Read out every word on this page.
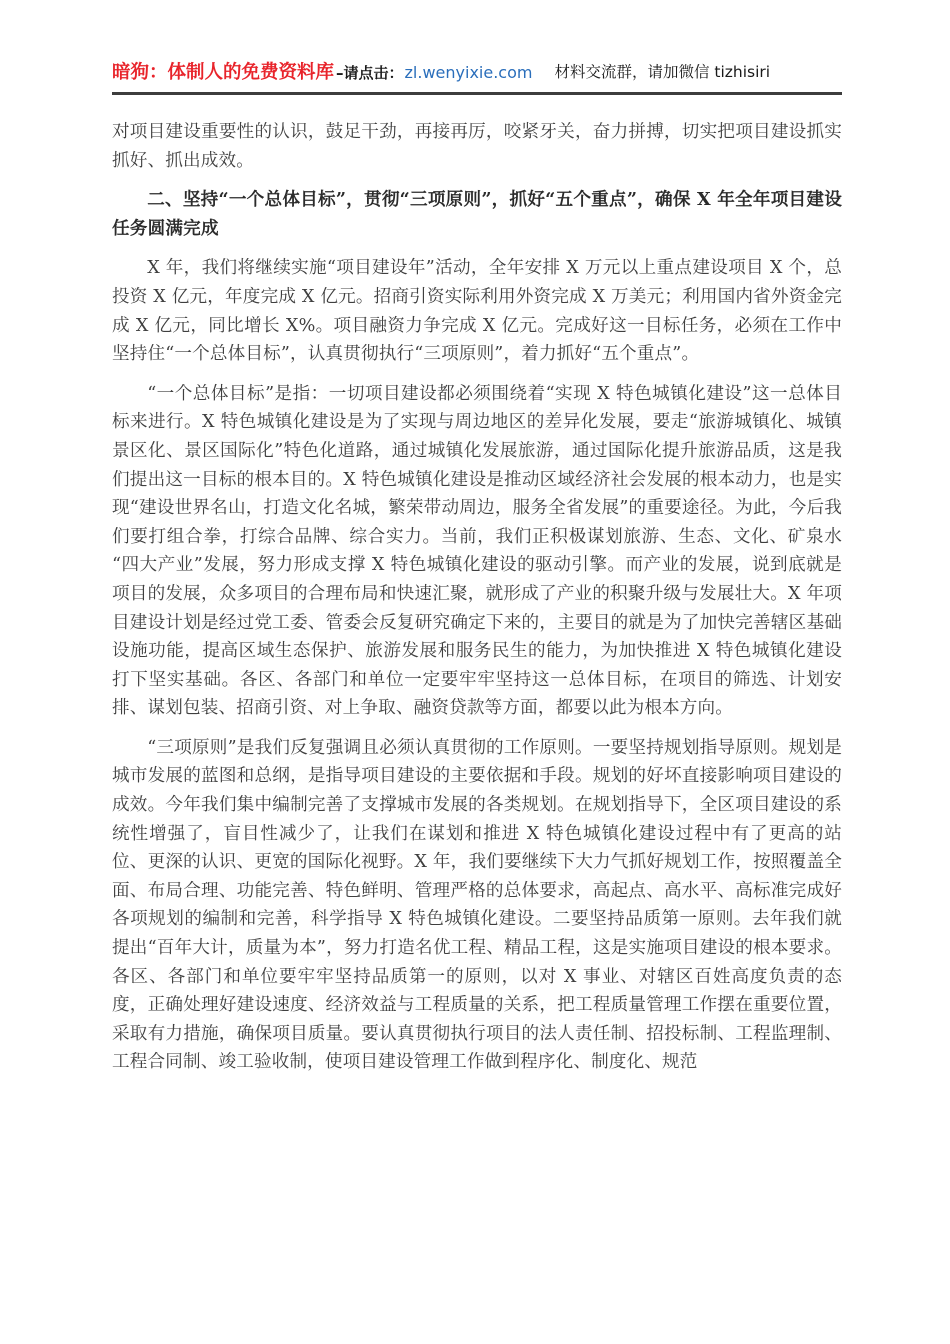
暗狗：体制人的免费资料库 –请点击： zl.wenyixie.com 材料交流群，请加微信 tizhisiri

对项目建设重要性的认识，鼓足干劲，再接再厉，咬紧牙关，奋力拼搏，切实把项目建设抓实抓好、抓出成效。

二、坚持“一个总体目标”，贯彻“三项原则”，抓好“五个重点”，确保 X 年全年项目建设任务圆满完成

X 年，我们将继续实施“项目建设年”活动，全年安排 X 万元以上重点建设项目 X 个，总投资 X 亿元，年度完成 X 亿元。招商引资实际利用外资完成 X 万美元；利用国内省外资金完成 X 亿元，同比增长 X%。项目融资力争完成 X 亿元。完成好这一目标任务，必须在工作中坚持住“一个总体目标”，认真贯彻执行“三项原则”，着力抓好“五个重点”。

“一个总体目标”是指：一切项目建设都必须围绕着“实现 X 特色城镇化建设”这一总体目标来进行。X 特色城镇化建设是为了实现与周边地区的差异化发展，要走“旅游城镇化、城镇景区化、景区国际化”特色化道路，通过城镇化发展旅游，通过国际化提升旅游品质，这是我们提出这一目标的根本目的。X 特色城镇化建设是推动区域经济社会发展的根本动力，也是实现“建设世界名山，打造文化名城，繁荣带动周边，服务全省发展”的重要途径。为此，今后我们要打组合拳，打综合品牌、综合实力。当前，我们正积极谋划旅游、生态、文化、矿泉水“四大产业”发展，努力形成支撑 X 特色城镇化建设的驱动引擎。而产业的发展，说到底就是项目的发展，众多项目的合理布局和快速汇聚，就形成了产业的积聚升级与发展壮大。X 年项目建设计划是经过党工委、管委会反复研究确定下来的，主要目的就是为了加快完善辖区基础设施功能，提高区域生态保护、旅游发展和服务民生的能力，为加快推进 X 特色城镇化建设打下坚实基础。各区、各部门和单位一定要牢牢坚持这一总体目标，在项目的筛选、计划安排、谋划包装、招商引资、对上争取、融资贷款等方面，都要以此为根本方向。

“三项原则”是我们反复强调且必须认真贯彻的工作原则。一要坚持规划指导原则。规划是城市发展的蓝图和总纲，是指导项目建设的主要依据和手段。规划的好坏直接影响项目建设的成效。今年我们集中编制完善了支撑城市发展的各类规划。在规划指导下，全区项目建设的系统性增强了，盲目性减少了，让我们在谋划和推进 X 特色城镇化建设过程中有了更高的站位、更深的认识、更宽的国际化视野。X 年，我们要继续下大力气抓好规划工作，按照覆盖全面、布局合理、功能完善、特色鲜明、管理严格的总体要求，高起点、高水平、高标准完成好各项规划的编制和完善，科学指导 X 特色城镇化建设。二要坚持品质第一原则。去年我们就提出“百年大计，质量为本”，努力打造名优工程、精品工程，这是实施项目建设的根本要求。各区、各部门和单位要牢牢坚持品质第一的原则，以对 X 事业、对辖区百姓高度负责的态度，正确处理好建设速度、经济效益与工程质量的关系，把工程质量管理工作摆在重要位置，采取有力措施，确保项目质量。要认真贯彻执行项目的法人责任制、招投标制、工程监理制、工程合同制、竣工验收制，使项目建设管理工作做到程序化、制度化、规范
